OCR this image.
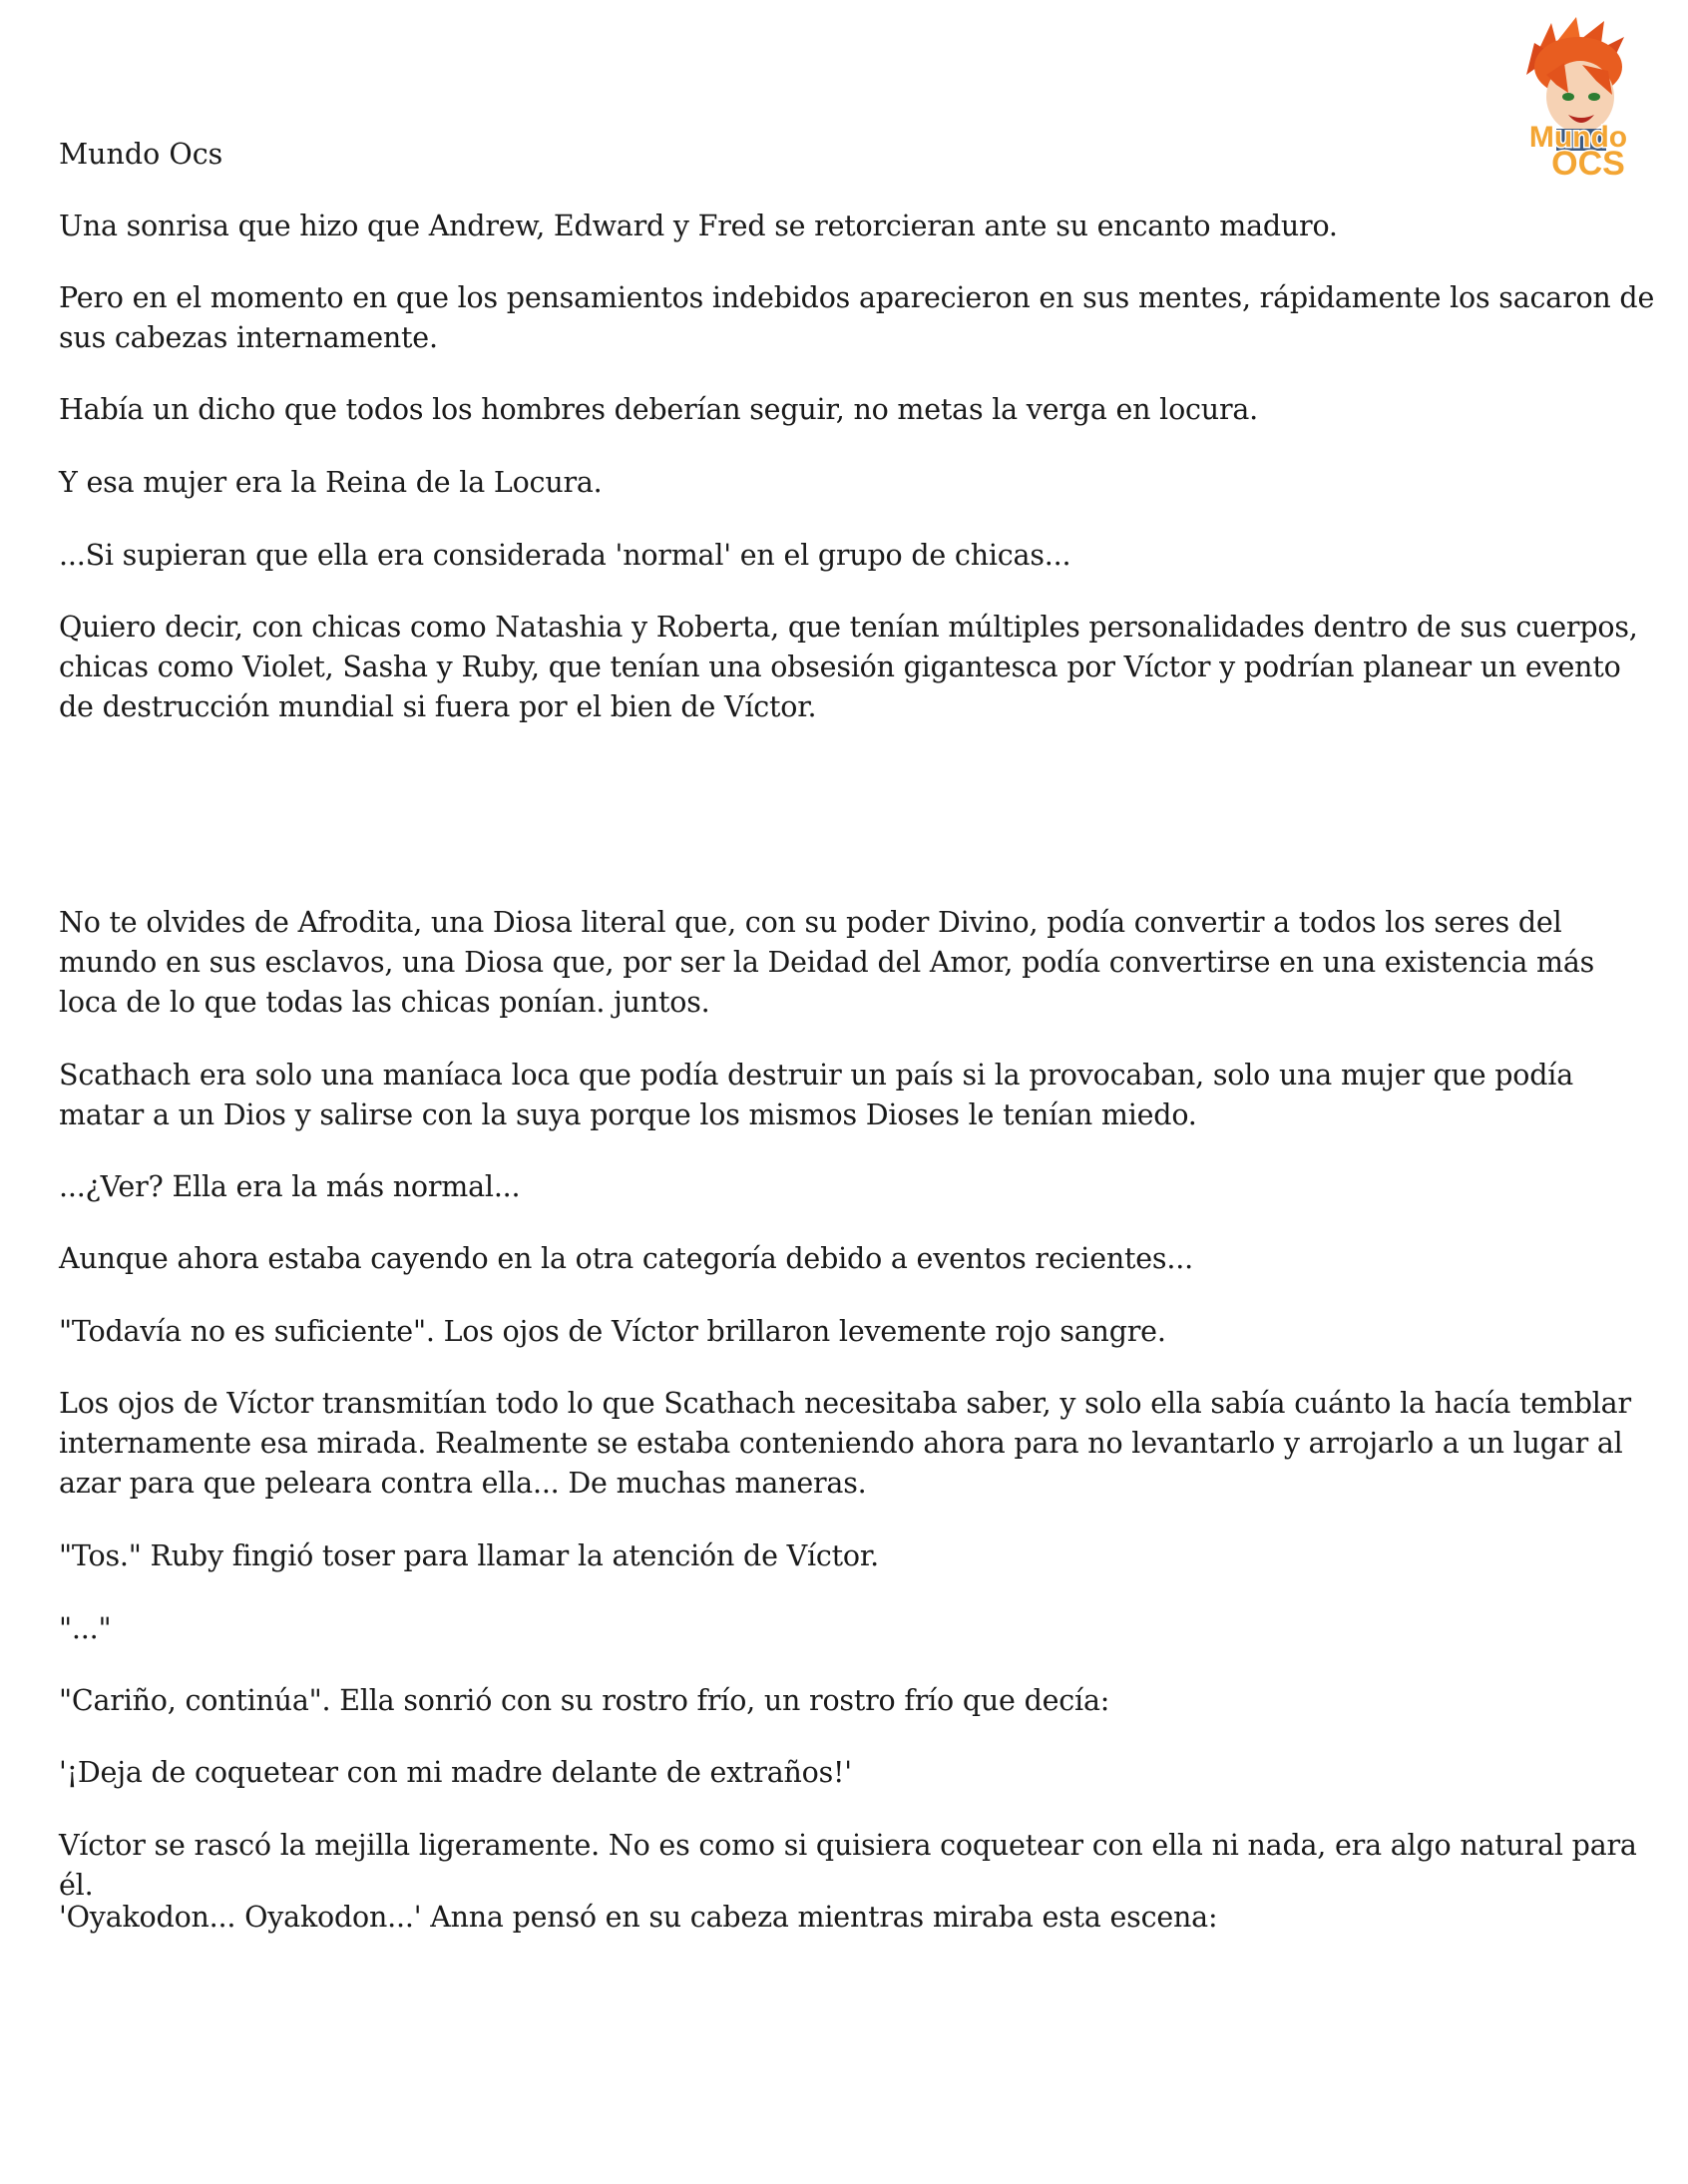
Mundo
OCS

Mundo Ocs

Una sonrisa que hizo que Andrew, Edward y Fred se retorcieran ante su encanto maduro.

Pero en el momento en que los pensamientos indebidos aparecieron en sus mentes, rápidamente los sacaron de sus cabezas internamente.

Había un dicho que todos los hombres deberían seguir, no metas la verga en locura.

Y esa mujer era la Reina de la Locura.

...Si supieran que ella era considerada 'normal' en el grupo de chicas...

Quiero decir, con chicas como Natashia y Roberta, que tenían múltiples personalidades dentro de sus cuerpos, chicas como Violet, Sasha y Ruby, que tenían una obsesión gigantesca por Víctor y podrían planear un evento de destrucción mundial si fuera por el bien de Víctor.

No te olvides de Afrodita, una Diosa literal que, con su poder Divino, podía convertir a todos los seres del mundo en sus esclavos, una Diosa que, por ser la Deidad del Amor, podía convertirse en una existencia más loca de lo que todas las chicas ponían. juntos.

Scathach era solo una maníaca loca que podía destruir un país si la provocaban, solo una mujer que podía matar a un Dios y salirse con la suya porque los mismos Dioses le tenían miedo.

...¿Ver? Ella era la más normal...

Aunque ahora estaba cayendo en la otra categoría debido a eventos recientes...

"Todavía no es suficiente". Los ojos de Víctor brillaron levemente rojo sangre.

Los ojos de Víctor transmitían todo lo que Scathach necesitaba saber, y solo ella sabía cuánto la hacía temblar internamente esa mirada. Realmente se estaba conteniendo ahora para no levantarlo y arrojarlo a un lugar al azar para que peleara contra ella... De muchas maneras.

"Tos." Ruby fingió toser para llamar la atención de Víctor.

"..."

"Cariño, continúa". Ella sonrió con su rostro frío, un rostro frío que decía:

'¡Deja de coquetear con mi madre delante de extraños!'

Víctor se rascó la mejilla ligeramente. No es como si quisiera coquetear con ella ni nada, era algo natural para él.

'Oyakodon... Oyakodon...' Anna pensó en su cabeza mientras miraba esta escena:
